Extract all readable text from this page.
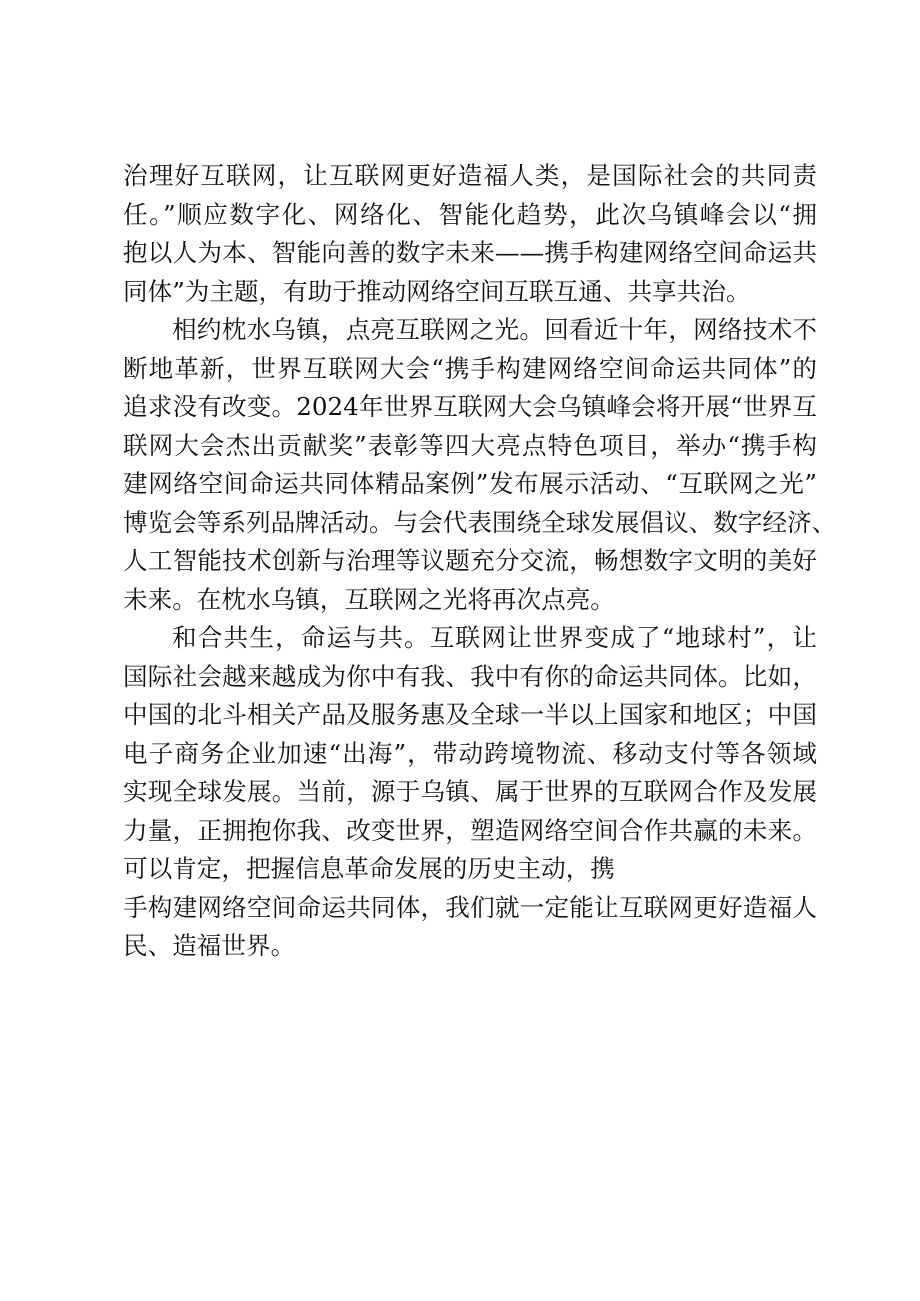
治理好互联网，让互联网更好造福人类，是国际社会的共同责
任。”顺应数字化、网络化、智能化趋势，此次乌镇峰会以“拥
抱以人为本、智能向善的数字未来——携手构建网络空间命运共
同体”为主题，有助于推动网络空间互联互通、共享共治。
相约枕水乌镇，点亮互联网之光。回看近十年，网络技术不
断地革新，世界互联网大会“携手构建网络空间命运共同体”的
追求没有改变。2024年世界互联网大会乌镇峰会将开展“世界互
联网大会杰出贡献奖”表彰等四大亮点特色项目，举办“携手构
建网络空间命运共同体精品案例”发布展示活动、“互联网之光”
博览会等系列品牌活动。与会代表围绕全球发展倡议、数字经济、
人工智能技术创新与治理等议题充分交流，畅想数字文明的美好
未来。在枕水乌镇，互联网之光将再次点亮。
和合共生，命运与共。互联网让世界变成了“地球村”，让
国际社会越来越成为你中有我、我中有你的命运共同体。比如，
中国的北斗相关产品及服务惠及全球一半以上国家和地区；中国
电子商务企业加速“出海”，带动跨境物流、移动支付等各领域
实现全球发展。当前，源于乌镇、属于世界的互联网合作及发展
力量，正拥抱你我、改变世界，塑造网络空间合作共赢的未来。
可以肯定，把握信息革命发展的历史主动，携
手构建网络空间命运共同体，我们就一定能让互联网更好造福人
民、造福世界。
